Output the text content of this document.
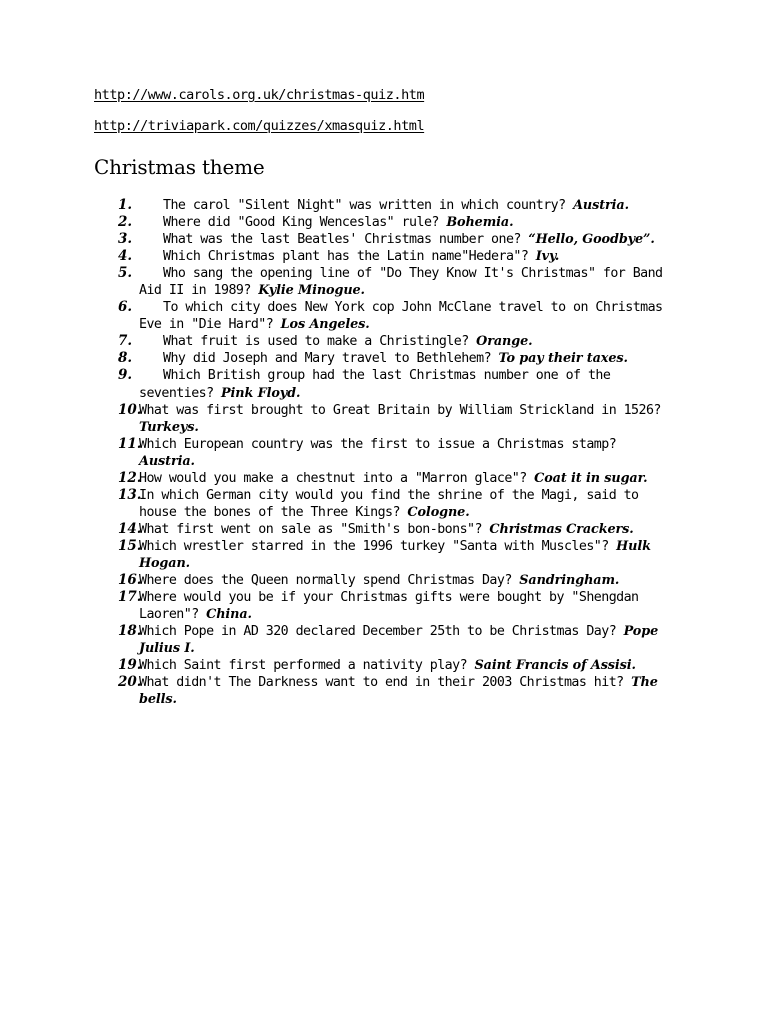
http://www.carols.org.uk/christmas-quiz.htm
http://triviapark.com/quizzes/xmasquiz.html
Christmas theme
1. The carol "Silent Night" was written in which country? Austria.
2. Where did "Good King Wenceslas" rule? Bohemia.
3. What was the last Beatles' Christmas number one? “Hello, Goodbye”.
4. Which Christmas plant has the Latin name"Hedera"? Ivy.
5. Who sang the opening line of "Do They Know It's Christmas" for Band Aid II in 1989? Kylie Minogue.
6. To which city does New York cop John McClane travel to on Christmas Eve in "Die Hard"? Los Angeles.
7. What fruit is used to make a Christingle? Orange.
8. Why did Joseph and Mary travel to Bethlehem? To pay their taxes.
9. Which British group had the last Christmas number one of the seventies? Pink Floyd.
10.
What was first brought to Great Britain by William Strickland in 1526? Turkeys.
11.
Which European country was the first to issue a Christmas stamp? Austria.
12.
How would you make a chestnut into a "Marron glace"? Coat it in sugar.
13.
In which German city would you find the shrine of the Magi, said to house the bones of the Three Kings? Cologne.
14.
What first went on sale as "Smith's bon-bons"? Christmas Crackers.
15.
Which wrestler starred in the 1996 turkey "Santa with Muscles"? Hulk Hogan.
16.
Where does the Queen normally spend Christmas Day? Sandringham.
17.
Where would you be if your Christmas gifts were bought by "Shengdan Laoren"? China.
18.
Which Pope in AD 320 declared December 25th to be Christmas Day? Pope Julius I.
19.
Which Saint first performed a nativity play? Saint Francis of Assisi.
20.
What didn't The Darkness want to end in their 2003 Christmas hit? The bells.
